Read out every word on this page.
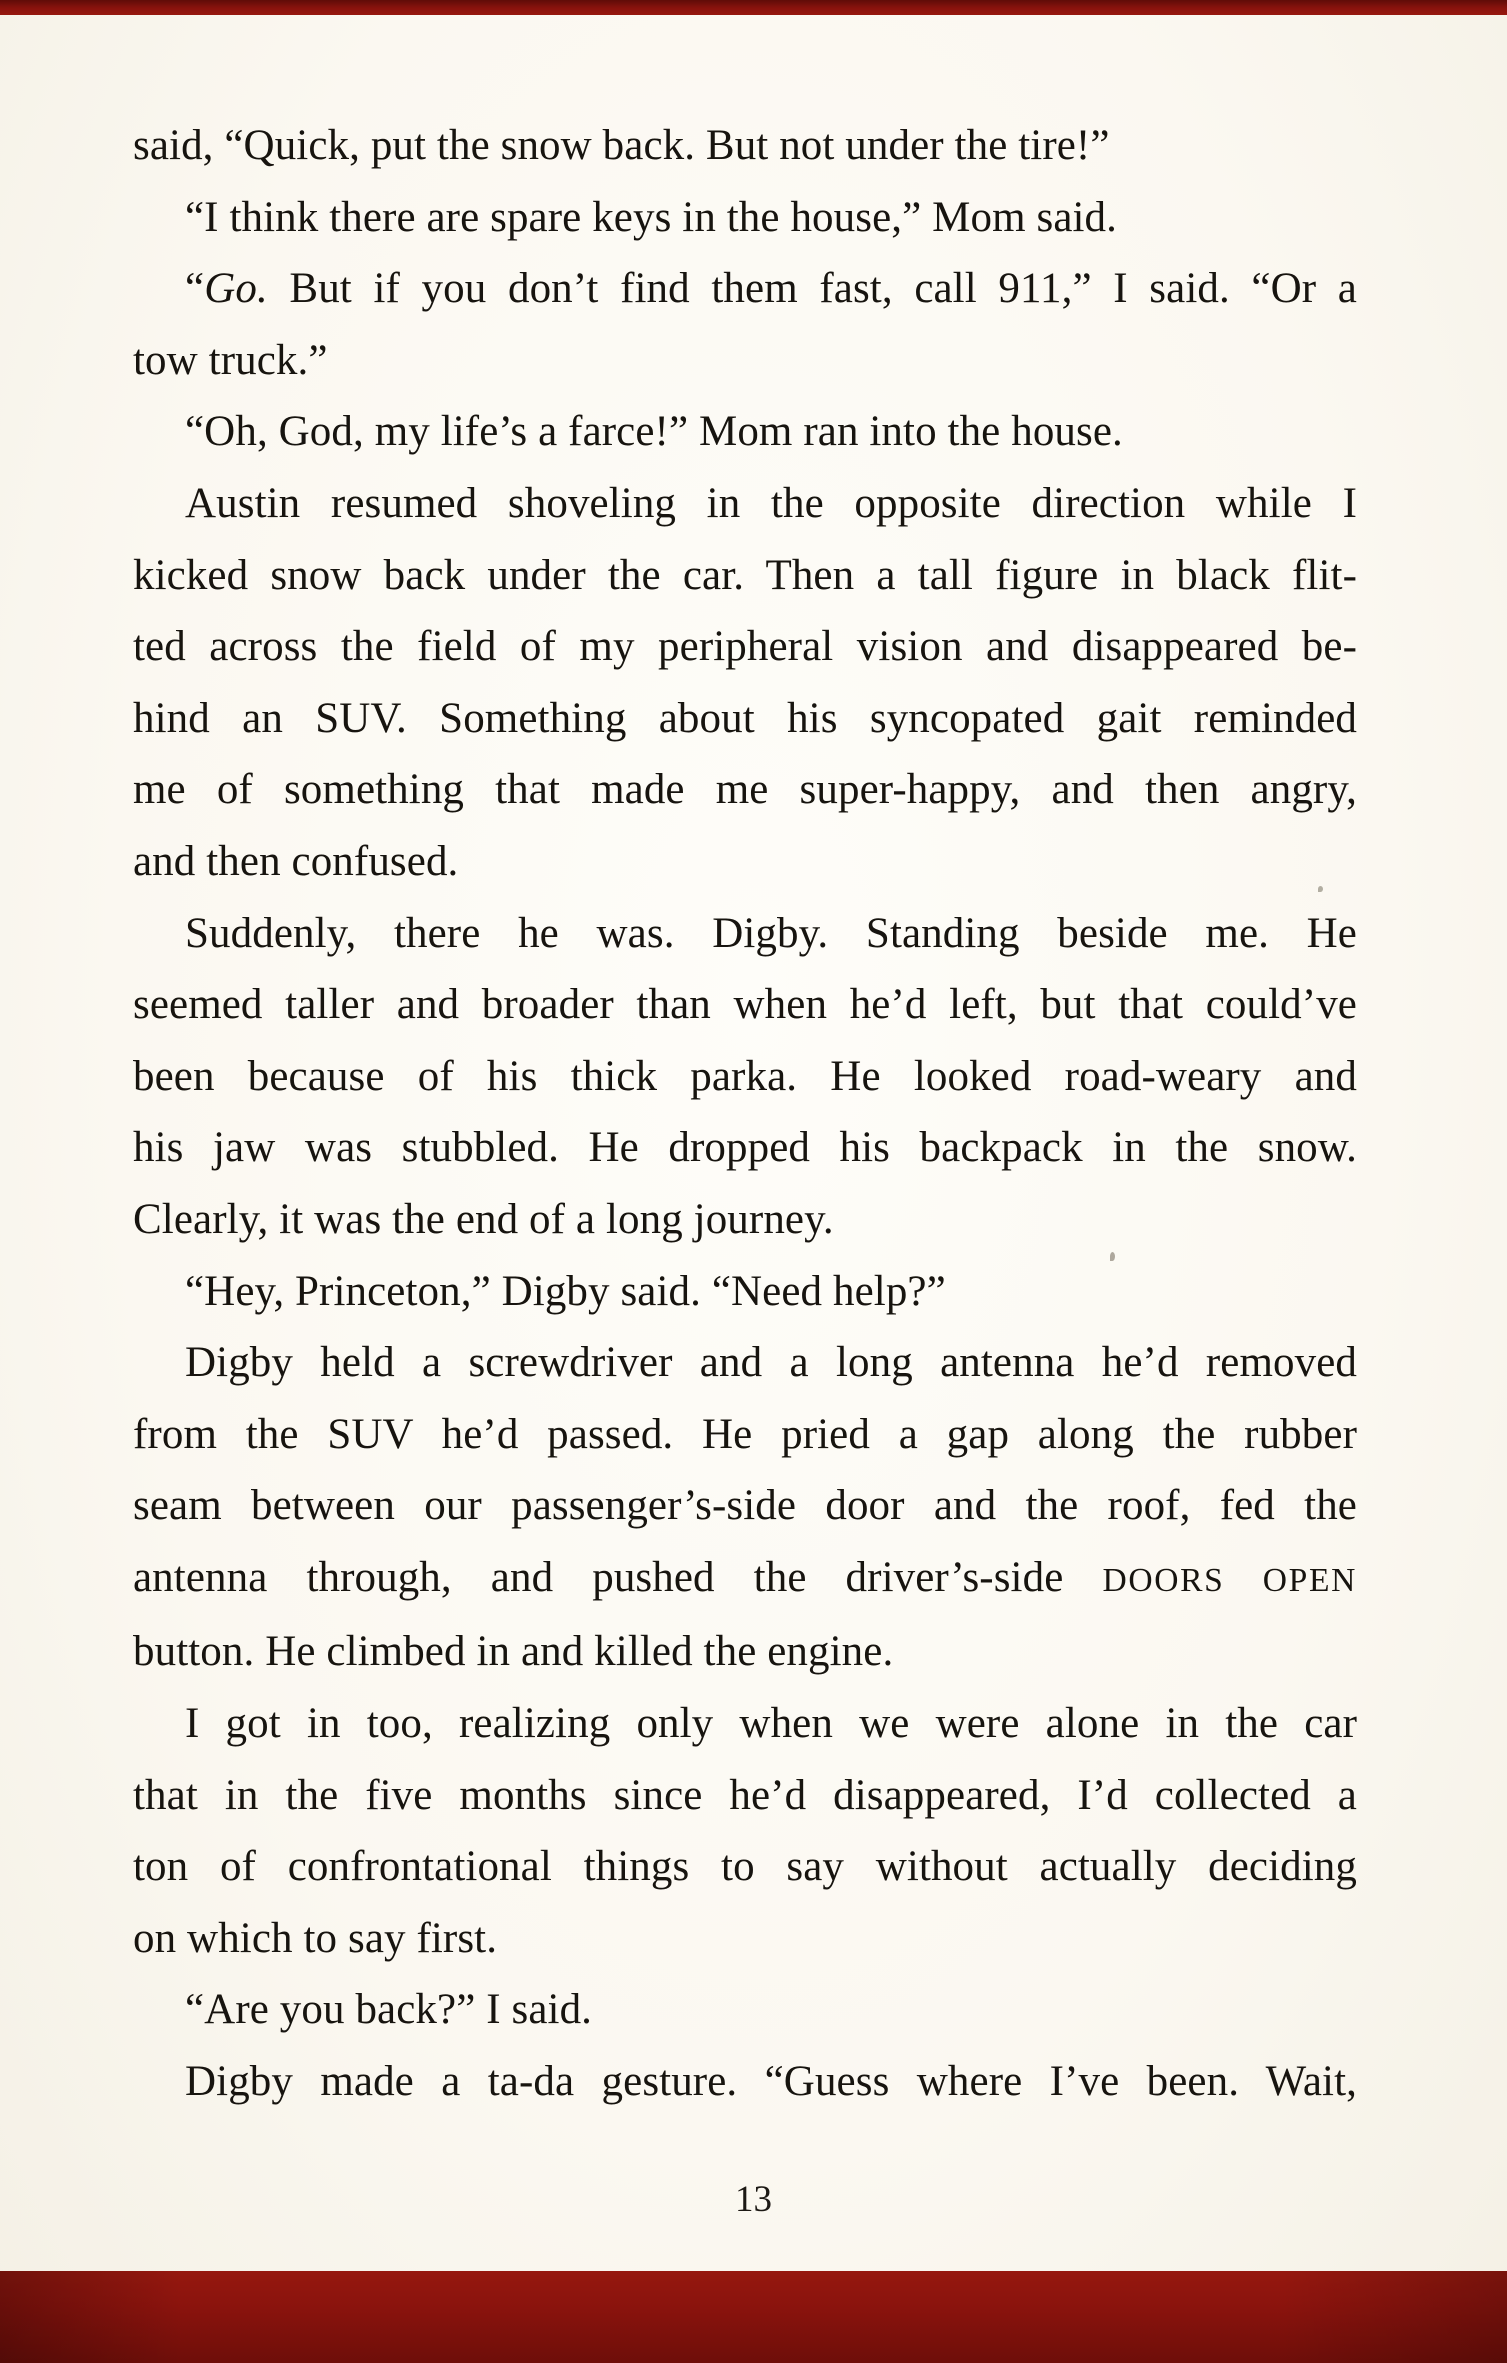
said, “Quick, put the snow back. But not under the tire!”
“I think there are spare keys in the house,” Mom said.
“Go. But if you don’t find them fast, call 911,” I said. “Or a
tow truck.”
“Oh, God, my life’s a farce!” Mom ran into the house.
Austin resumed shoveling in the opposite direction while I
kicked snow back under the car. Then a tall figure in black flit-
ted across the field of my peripheral vision and disappeared be-
hind an SUV. Something about his syncopated gait reminded
me of something that made me super-happy, and then angry,
and then confused.
Suddenly, there he was. Digby. Standing beside me. He
seemed taller and broader than when he’d left, but that could’ve
been because of his thick parka. He looked road-weary and
his jaw was stubbled. He dropped his backpack in the snow.
Clearly, it was the end of a long journey.
“Hey, Princeton,” Digby said. “Need help?”
Digby held a screwdriver and a long antenna he’d removed
from the SUV he’d passed. He pried a gap along the rubber
seam between our passenger’s-side door and the roof, fed the
antenna through, and pushed the driver’s-side DOORS OPEN
button. He climbed in and killed the engine.
I got in too, realizing only when we were alone in the car
that in the five months since he’d disappeared, I’d collected a
ton of confrontational things to say without actually deciding
on which to say first.
“Are you back?” I said.
Digby made a ta-da gesture. “Guess where I’ve been. Wait,
13
